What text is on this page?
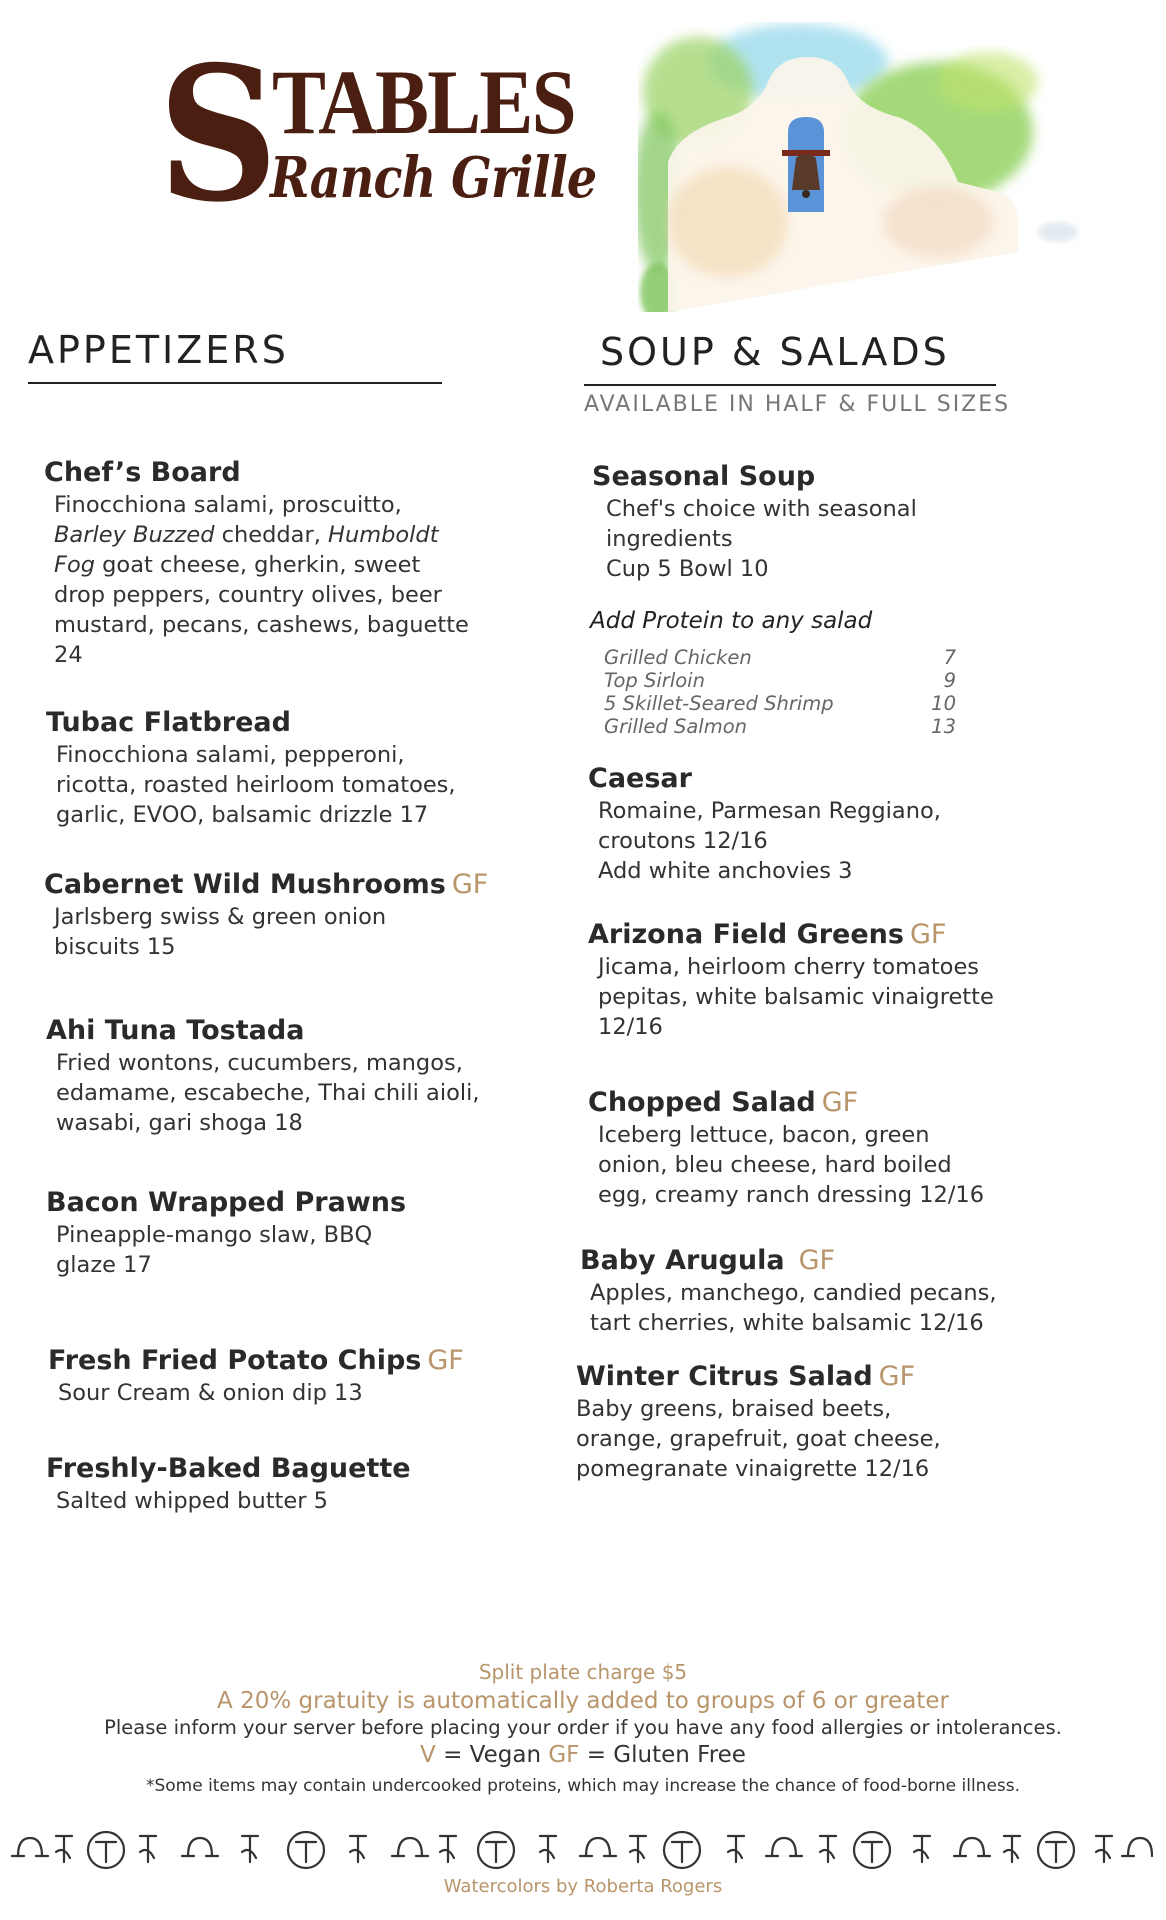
S
TABLES
Ranch Grille
APPETIZERS
Chef’s Board
Finocchiona salami, proscuitto, Barley Buzzed cheddar, Humboldt Fog goat cheese, gherkin, sweet drop peppers, country olives, beer mustard, pecans, cashews, baguette 24
Tubac Flatbread
Finocchiona salami, pepperoni, ricotta, roasted heirloom tomatoes, garlic, EVOO, balsamic drizzle 17
Cabernet Wild Mushrooms GF
Jarlsberg swiss & green onion biscuits 15
Ahi Tuna Tostada
Fried wontons, cucumbers, mangos, edamame, escabeche, Thai chili aioli, wasabi, gari shoga 18
Bacon Wrapped Prawns
Pineapple-mango slaw, BBQ glaze 17
Fresh Fried Potato Chips GF
Sour Cream & onion dip 13
Freshly-Baked Baguette
Salted whipped butter 5
SOUP & SALADS
AVAILABLE IN HALF & FULL SIZES
Seasonal Soup
Chef's choice with seasonal ingredients
Cup 5 Bowl 10
Add Protein to any salad
Grilled Chicken	7
Top Sirloin	9
5 Skillet-Seared Shrimp	10
Grilled Salmon	13
Caesar
Romaine, Parmesan Reggiano, croutons 12/16
Add white anchovies 3
Arizona Field Greens GF
Jicama, heirloom cherry tomatoes pepitas, white balsamic vinaigrette 12/16
Chopped Salad GF
Iceberg lettuce, bacon, green onion, bleu cheese, hard boiled egg, creamy ranch dressing 12/16
Baby Arugula GF
Apples, manchego, candied pecans, tart cherries, white balsamic 12/16
Winter Citrus Salad GF
Baby greens, braised beets, orange, grapefruit, goat cheese, pomegranate vinaigrette 12/16
Split plate charge $5
A 20% gratuity is automatically added to groups of 6 or greater
Please inform your server before placing your order if you have any food allergies or intolerances.
V = Vegan GF = Gluten Free
*Some items may contain undercooked proteins, which may increase the chance of food-borne illness.
Watercolors by Roberta Rogers
